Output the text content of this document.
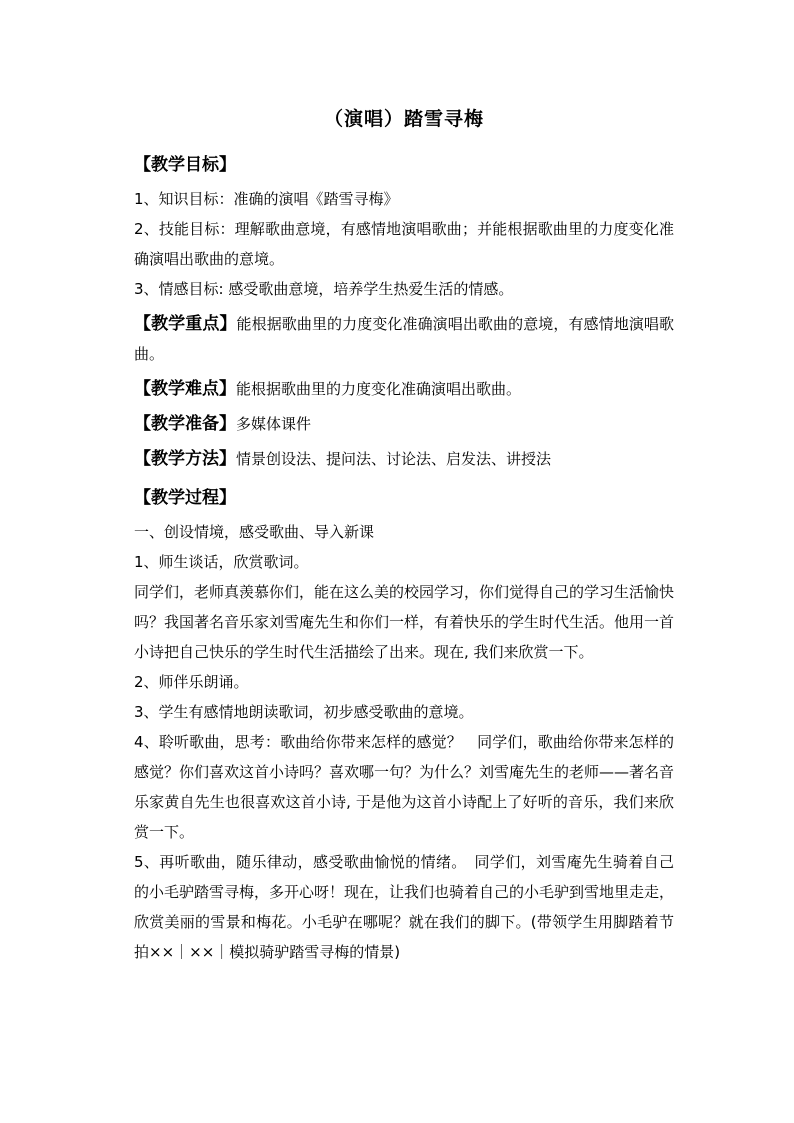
（演唱）踏雪寻梅
【教学目标】

1、知识目标：准确的演唱《踏雪寻梅》

2、技能目标：理解歌曲意境，有感情地演唱歌曲；并能根据歌曲里的力度变化准确演唱出歌曲的意境。

3、情感目标: 感受歌曲意境，培养学生热爱生活的情感。

【教学重点】能根据歌曲里的力度变化准确演唱出歌曲的意境，有感情地演唱歌曲。

【教学难点】能根据歌曲里的力度变化准确演唱出歌曲。

【教学准备】多媒体课件

【教学方法】情景创设法、提问法、讨论法、启发法、讲授法

【教学过程】

一、创设情境，感受歌曲、导入新课

1、师生谈话，欣赏歌词。

同学们，老师真羡慕你们，能在这么美的校园学习，你们觉得自己的学习生活愉快吗？我国著名音乐家刘雪庵先生和你们一样，有着快乐的学生时代生活。他用一首小诗把自己快乐的学生时代生活描绘了出来。现在, 我们来欣赏一下。

2、师伴乐朗诵。

3、学生有感情地朗读歌词，初步感受歌曲的意境。

4、聆听歌曲，思考：歌曲给你带来怎样的感觉？　同学们，歌曲给你带来怎样的感觉？你们喜欢这首小诗吗？喜欢哪一句？为什么？刘雪庵先生的老师——著名音乐家黄自先生也很喜欢这首小诗, 于是他为这首小诗配上了好听的音乐，我们来欣赏一下。

5、再听歌曲，随乐律动，感受歌曲愉悦的情绪。　同学们，刘雪庵先生骑着自己的小毛驴踏雪寻梅，多开心呀！现在，让我们也骑着自己的小毛驴到雪地里走走，欣赏美丽的雪景和梅花。小毛驴在哪呢？就在我们的脚下。(带领学生用脚踏着节拍××｜××｜模拟骑驴踏雪寻梅的情景)
